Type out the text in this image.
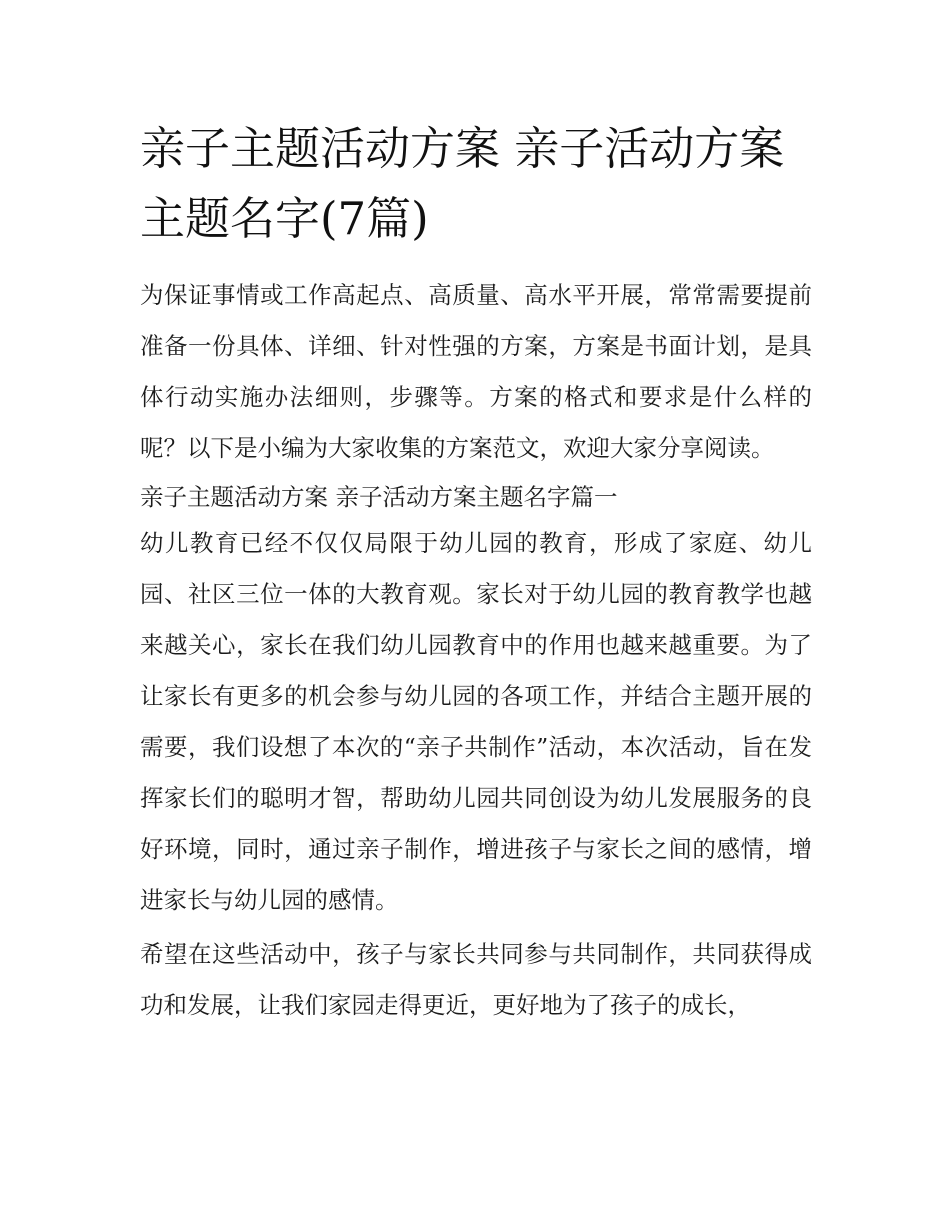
亲子主题活动方案 亲子活动方案主题名字(7篇)

为保证事情或工作高起点、高质量、高水平开展，常常需要提前准备一份具体、详细、针对性强的方案，方案是书面计划，是具体行动实施办法细则，步骤等。方案的格式和要求是什么样的呢？以下是小编为大家收集的方案范文，欢迎大家分享阅读。

亲子主题活动方案 亲子活动方案主题名字篇一

幼儿教育已经不仅仅局限于幼儿园的教育，形成了家庭、幼儿园、社区三位一体的大教育观。家长对于幼儿园的教育教学也越来越关心，家长在我们幼儿园教育中的作用也越来越重要。为了让家长有更多的机会参与幼儿园的各项工作，并结合主题开展的需要，我们设想了本次的“亲子共制作”活动，本次活动，旨在发挥家长们的聪明才智，帮助幼儿园共同创设为幼儿发展服务的良好环境，同时，通过亲子制作，增进孩子与家长之间的感情，增进家长与幼儿园的感情。

希望在这些活动中，孩子与家长共同参与共同制作，共同获得成功和发展，让我们家园走得更近，更好地为了孩子的成长，
